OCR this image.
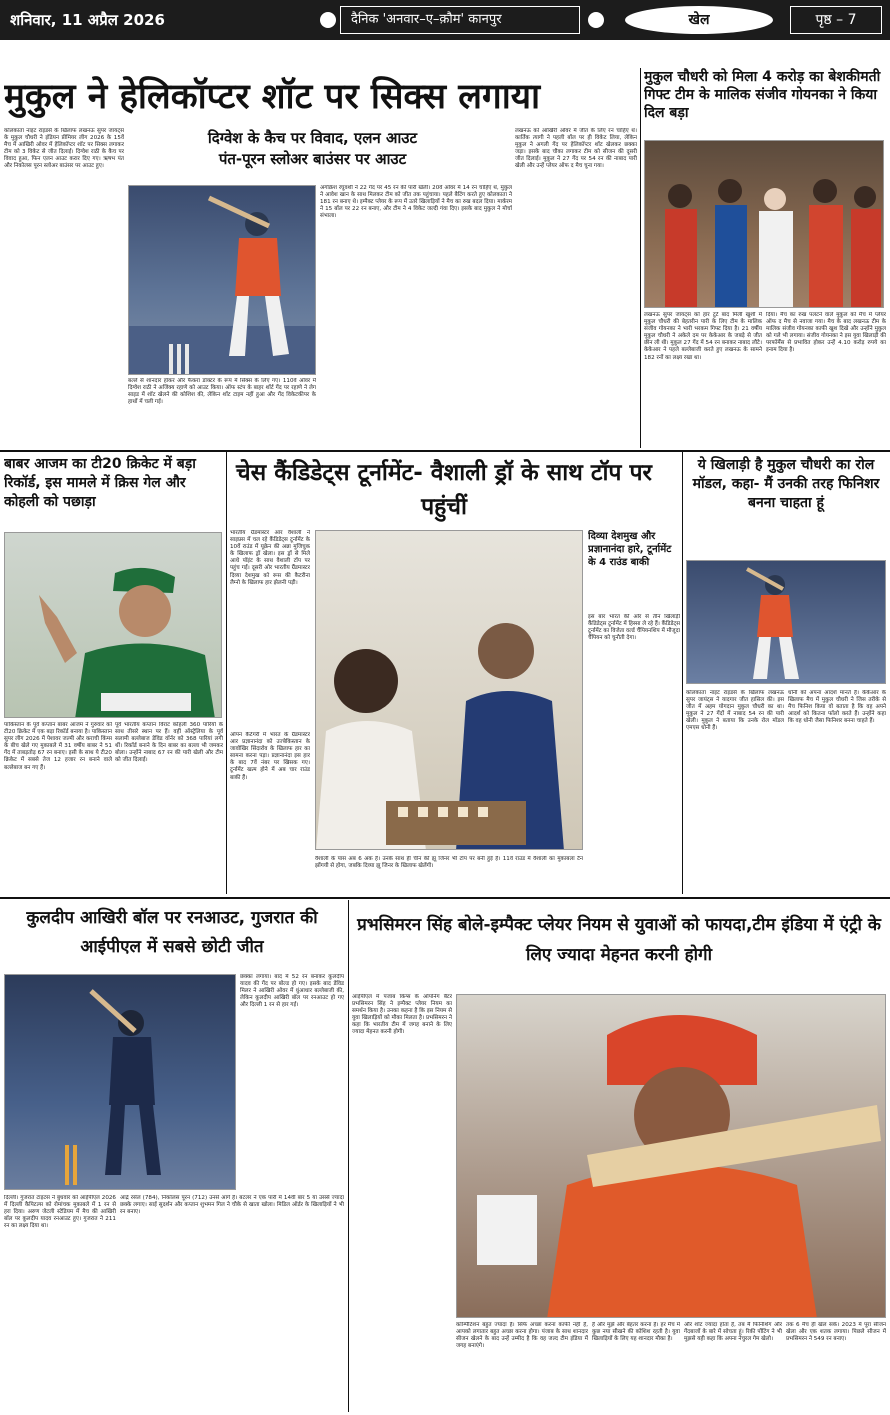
शनिवार, 11 अप्रैल 2026	दैनिक 'अनवार–ए–क़ौम' कानपुर	खेल	पृष्ठ – 7
मुकुल ने हेलिकॉप्टर शॉट पर सिक्स लगाया
दिग्वेश के कैच पर विवाद, एलन आउट
पंत-पूरन स्लोअर बाउंसर पर आउट
कोलकाता नाइट राइडर्स के खिलाफ लखनऊ सुपर जायंट्स के मुकुल चौधरी ने इंडियन प्रीमियर लीग 2026 के 15वें मैच में आखिरी ओवर में हेलिकॉप्टर शॉट पर सिक्स लगाकर टीम को 3 विकेट से जीत दिलाई। दिग्वेश राठी के कैच पर विवाद हुआ, फिन एलन आउट करार दिए गए। ऋषभ पंत और निकोलस पूरन स्लोअर बाउंसर पर आउट हुए।
अंगक्रिश रघुवंशी ने 22 गेंद पर 45 रन की पारी खेली। 20वें ओवर में 14 रन चाहिए थे, मुकुल ने आवेश खान के साथ मिलकर टीम को जीत तक पहुंचाया। पहले बैटिंग करते हुए कोलकाता ने 181 रन बनाए थे। इम्पैक्ट प्लेयर के रूप में उतरे खिलाड़ियों ने मैच का रुख बदल दिया। मार्करम ने 15 बॉल पर 22 रन बनाए, और टीम ने 4 विकेट जल्दी गंवा दिए। इसके बाद मुकुल ने मोर्चा संभाला।
लखनऊ को आखिरी ओवर में जीत के लिए रन चाहिए थे। कार्तिक त्यागी ने पहली बॉल पर ही विकेट लिया, लेकिन मुकुल ने अगली गेंद पर हेलिकॉप्टर शॉट खेलकर छक्का जड़ा। इसके बाद चौका लगाकर टीम को सीजन की दूसरी जीत दिलाई। मुकुल ने 27 गेंद पर 54 रन की नाबाद पारी खेली और उन्हें प्लेयर ऑफ द मैच चुना गया।
बल्ले से शानदार हॉकर और फैंकरां डॉक्टर के रूप में सिक्स के लिए गए। 110वें ओवर में दिग्वेश राठी ने अजिंक्य रहाणे को आउट किया। ऑफ स्टंप के बाहर शॉर्ट गेंद पर रहाणे ने लेग साइड में शॉट खेलने की कोशिश की, लेकिन शॉट टाइम नहीं हुआ और गेंद विकेटकीपर के हाथों में चली गई।
मुकुल चौधरी को मिला 4 करोड़ का बेशकीमती गिफ्ट टीम के मालिक संजीव गोयनका ने किया दिल बड़ा
लखनऊ सुपर जायंट्स को हार टूटे बाद मिली खुशी में मुकुल चौधरी की बेहतरीन पारी के लिए टीम के मालिक संजीव गोयनका ने भारी भरकम गिफ्ट दिया है। 21 वर्षीय मुकुल चौधरी ने अकेले दम पर केकेआर के जबड़े से जीत छीन ली थी। मुकुल 27 गेंद में 54 रन बनाकर नाबाद लौटे। केकेआर ने पहले बल्लेबाजी करते हुए लखनऊ के सामने 182 रनों का लक्ष्य रखा था।
दिया। मैच का रुख पलटने वाले मुकुल को मैच में प्लेयर ऑफ द मैच से नवाजा गया। मैच के बाद लखनऊ टीम के मालिक संजीव गोयनका काफी खुश दिखे और उन्होंने मुकुल को गले भी लगाया। संजीव गोयनका ने इस युवा खिलाड़ी की परफॉर्मेंस से प्रभावित होकर उन्हें 4.10 करोड़ रुपये का इनाम दिया है।
बाबर आजम का टी20 क्रिकेट में बड़ा रिकॉर्ड, इस मामले में क्रिस गेल और कोहली को पछाड़ा
पाकिस्तान के पूर्व कप्तान बाबर आजम ने गुरुवार को टी20 क्रिकेट में एक बड़ा रिकॉर्ड बनाया है। पाकिस्तान सुपर लीग 2026 में पेशावर जल्मी और कराची किंग्स के बीच खेले गए मुकाबले में 31 वर्षीय बाबर ने 51 गेंद में ताबड़तोड़ 67 रन बनाए। इसी के साथ ये टी20 क्रिकेट में सबसे तेज 12 हजार रन बनाने वाले बल्लेबाज बन गए हैं।
पूर्व भारतीय कप्तान विराट कोहली 360 पारियों के साथ तीसरे स्थान पर हैं। वहीं ऑस्ट्रेलिया के पूर्व सलामी बल्लेबाज डेविड वॉर्नर को 368 पारियां लगी थीं। रिकॉर्ड बनाने के दिन बाबर का बल्ला भी जमकर बोला। उन्होंने नाबाद 67 रन की पारी खेली और टीम को जीत दिलाई।
चेस कैंडिडेट्स टूर्नामेंट- वैशाली ड्रॉ के साथ टॉप पर पहुंचीं
भारतीय ग्रैंडमास्टर आर वैशाली ने साइप्रस में चल रहे कैंडिडेट्स टूर्नामेंट के 10वें राउंड में यूक्रेन की अन्ना मुजिचुक के खिलाफ ड्रॉ खेला। इस ड्रॉ से मिले आधे पॉइंट के साथ वैशाली टॉप पर पहुंच गईं। दूसरी ओर भारतीय ग्रैंडमास्टर दिव्या देशमुख को रूस की कैटरीना लैग्नो के खिलाफ हार झेलनी पड़ी।
ओपन कैटेगरी में भारत के ग्रैंडमास्टर आर प्रज्ञानानंदा को उज्बेकिस्तान के जावोखिर सिंदारोव के खिलाफ हार का सामना करना पड़ा। प्रज्ञानानंदा इस हार के बाद 7वें नंबर पर खिसक गए। टूर्नामेंट खत्म होने में अब चार राउंड बाकी हैं।
दिव्या देशमुख और प्रज्ञानानंदा हारे, टूर्नामेंट के 4 राउंड बाकी
इस बार भारत की ओर से तीन खिलाड़ी कैंडिडेट्स टूर्नामेंट में हिस्सा ले रहे हैं। कैंडिडेट्स टूर्नामेंट का विजेता वर्ल्ड चैंपियनशिप में मौजूदा चैंपियन को चुनौती देगा।
वैशाली के पास अब 6 अंक हैं। उनके साथ ही चीन की झू जिनर भी टॉप पर बनी हुई हैं। 11वें राउंड में वैशाली का मुकाबला टैन झोंगयी से होगा, जबकि दिव्या झू जिनर के खिलाफ खेलेंगी।
ये खिलाड़ी है मुकुल चौधरी का रोल मॉडल, कहा- मैं उनकी तरह फिनिशर बनना चाहता हूं
कोलकाता नाइट राइडर्स के खिलाफ लखनऊ सुपर जायंट्स ने यादगार जीत हासिल की। इस जीत में अहम योगदान मुकुल चौधरी का था। मुकुल ने 27 गेंदों में नाबाद 54 रन की पारी खेली। मुकुल ने बताया कि उनके रोल मॉडल एमएस धोनी हैं।
धोनी को अपना आदर्श मानते हैं। केकेआर के खिलाफ मैच में मुकुल चौधरी ने जिस तरीके से मैच फिनिश किया वो बताता है कि वह अपने आदर्श को कितना फॉलो करते हैं। उन्होंने कहा कि वह धोनी जैसा फिनिशर बनना चाहते हैं।
कुलदीप आखिरी बॉल पर रनआउट, गुजरात की आईपीएल में सबसे छोटी जीत
छक्का लगाया। बाद में 52 रन बनाकर कुलदीप यादव की गेंद पर बोल्ड हो गए। इसके बाद डेविड मिलर ने आखिरी ओवर में धुंआधार बल्लेबाजी की, लेकिन कुलदीप आखिरी बॉल पर रनआउट हो गए और दिल्ली 1 रन से हार गई।
दिल्ली। गुजरात टाइटंस ने बुधवार को आईपीएल 2026 में दिल्ली कैपिटल्स को रोमांचक मुकाबले में 1 रन से हरा दिया। अरुण जेटली स्टेडियम में मैच की आखिरी बॉल पर कुलदीप यादव रनआउट हुए। गुजरात ने 211 रन का लक्ष्य दिया था।
आंद्रे रसेल (784), निकोलस पूरन (712) उनसे आगे हैं। बटलर ने एक पारी में 14वीं बार 5 या उससे ज्यादा छक्के लगाए। साई सुदर्शन और कप्तान शुभमन गिल ने चौके से खाता खोला। मिडिल ऑर्डर के खिलाड़ियों ने भी रन बनाए।
प्रभसिमरन सिंह बोले-इम्पैक्ट प्लेयर नियम से युवाओं को फायदा,टीम इंडिया में एंट्री के लिए ज्यादा मेहनत करनी होगी
आईपीएल में पंजाब किंग्स के ओपनिंग बैटर प्रभसिमरन सिंह ने इम्पैक्ट प्लेयर नियम का समर्थन किया है। उनका कहना है कि इस नियम से युवा खिलाड़ियों को मौका मिलता है। प्रभसिमरन ने कहा कि भारतीय टीम में जगह बनाने के लिए ज्यादा मेहनत करनी होगी।
कॉम्पिटिशन बहुत ज्यादा है। सिर्फ अच्छा करना काफी नहीं है, आपको लगातार बहुत अच्छा करना होगा। पंजाब के साथ शानदार सीजन खेलने के बाद उन्हें उम्मीद है कि वह जल्द टीम इंडिया में जगह बनाएंगे।
है और मुझे और बेहतर करना है। हर मैच में कुछ नया सीखने की कोशिश रहती है। युवा खिलाड़ियों के लिए यह शानदार मौका है।
और शॉट ज्यादा होता है, तब मैं फिनिशिंग और गेंदबाजों के बारे में सोचता हूं। रिकी पोंटिंग ने भी मुझसे यही कहा कि अपना नेचुरल गेम खेलो।
तक 6 मैच ही खेल सके। 2023 में पूरा सीजन खेला और एक शतक लगाया। पिछले सीजन में प्रभसिमरन ने 549 रन बनाए।
